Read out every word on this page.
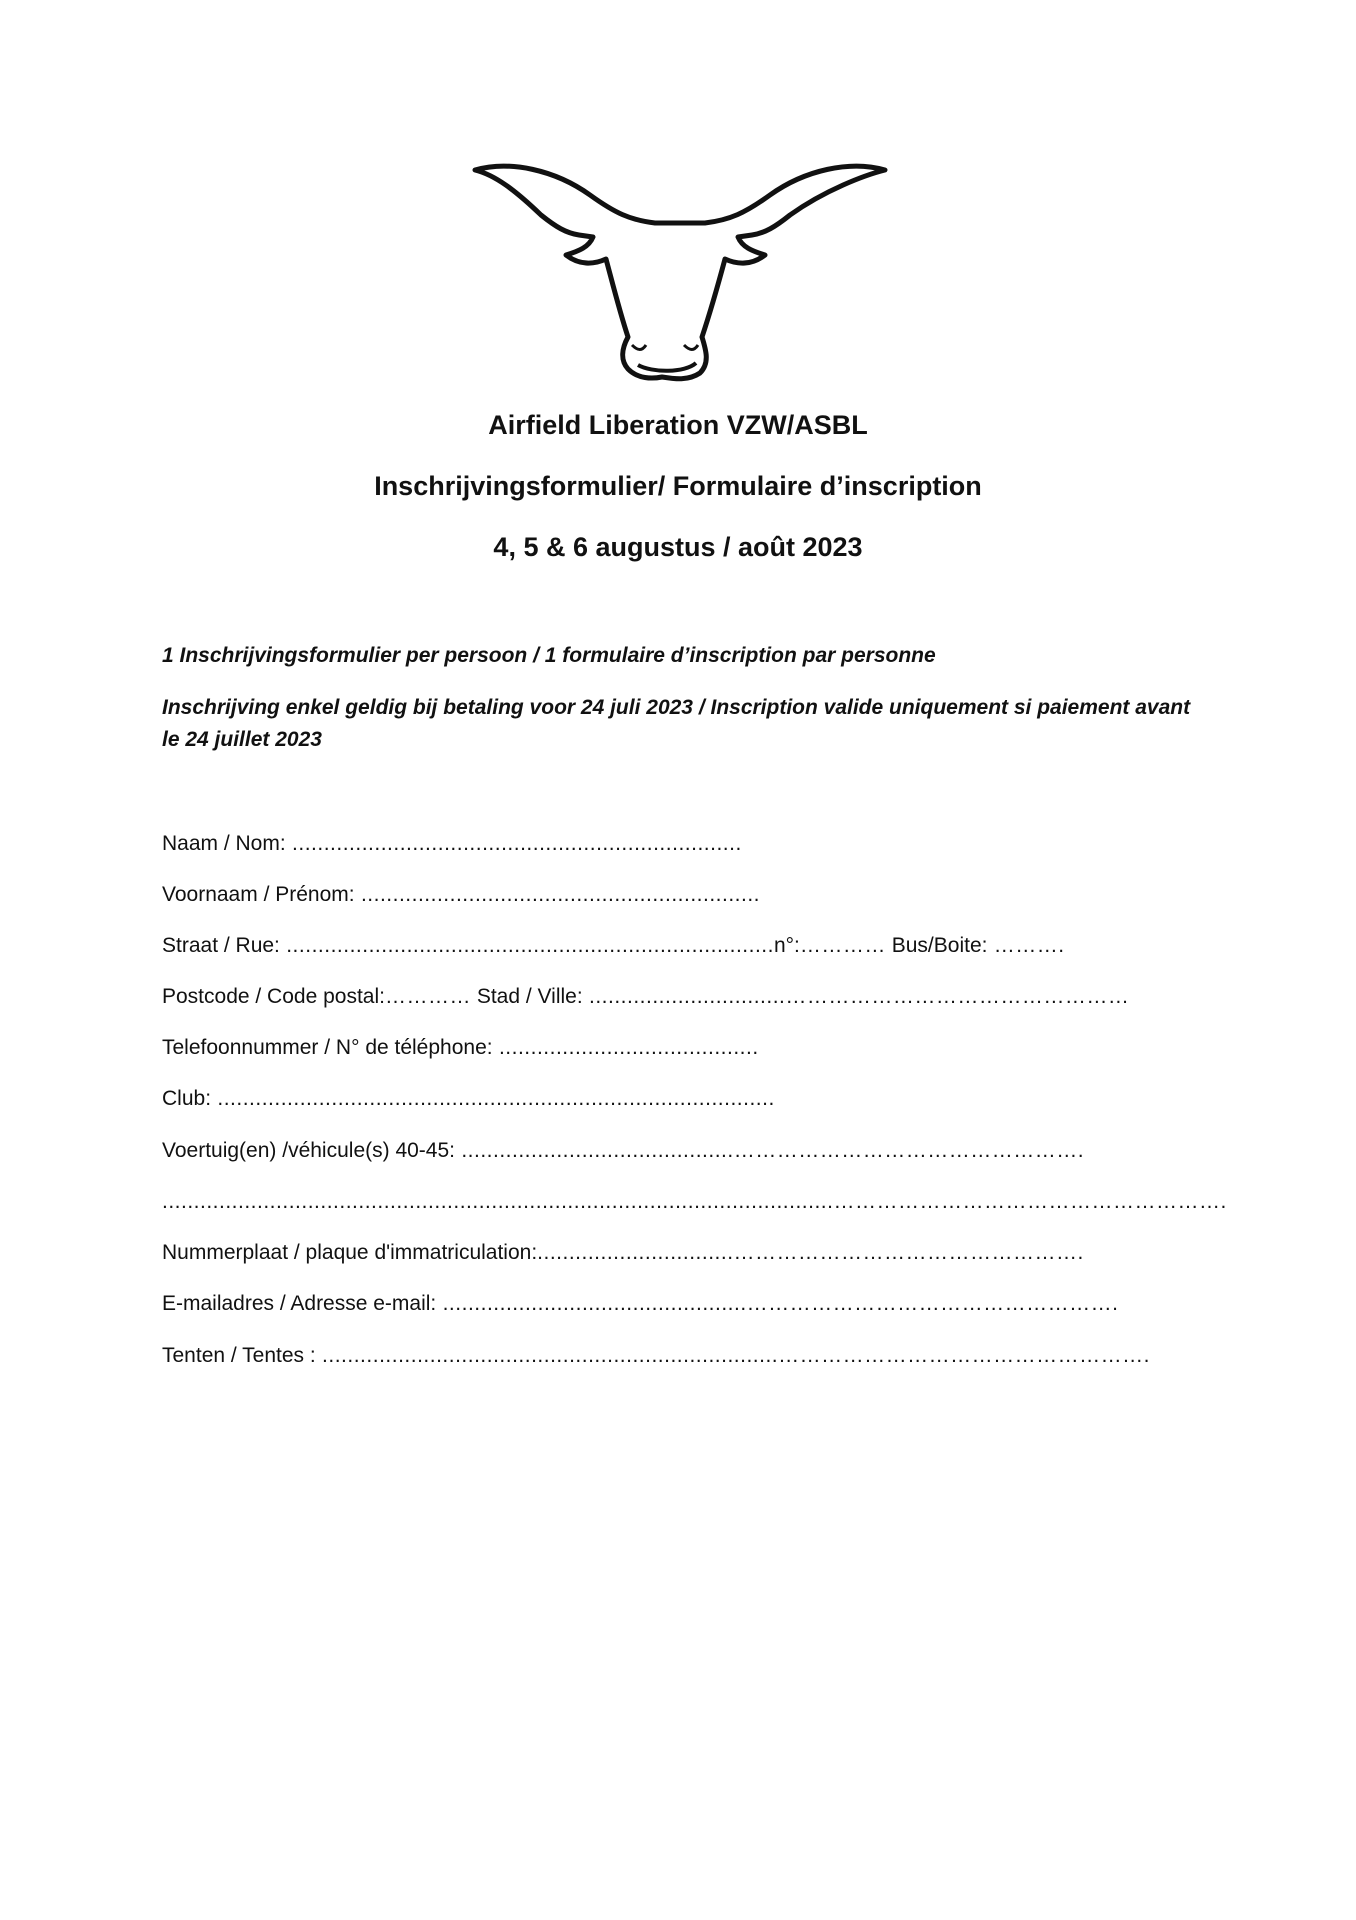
Airfield Liberation VZW/ASBL
Inschrijvingsformulier/ Formulaire d’inscription
4, 5 & 6 augustus / août 2023
1 Inschrijvingsformulier per persoon / 1 formulaire d’inscription par personne
Inschrijving enkel geldig bij betaling voor 24 juli 2023 / Inscription valide uniquement si paiement avant le 24 juillet 2023
Naam / Nom: .......................................................................
Voornaam / Prénom: ...............................................................
Straat / Rue: .............................................................................n°:………… Bus/Boite: ……….
Postcode / Code postal:………… Stad / Ville: ...............................…………………………………………
Telefoonnummer / N° de téléphone: .........................................
Club: ........................................................................................
Voertuig(en) /véhicule(s) 40-45: ...........................................………………………………………….
..........................................................................................................……………………………………………….
Nummerplaat / plaque d'immatriculation:...............................………………………………………….
E-mailadres / Adresse e-mail: ................................................…………………………………………….
Tenten / Tentes : ........................................................................…………………………………………….
